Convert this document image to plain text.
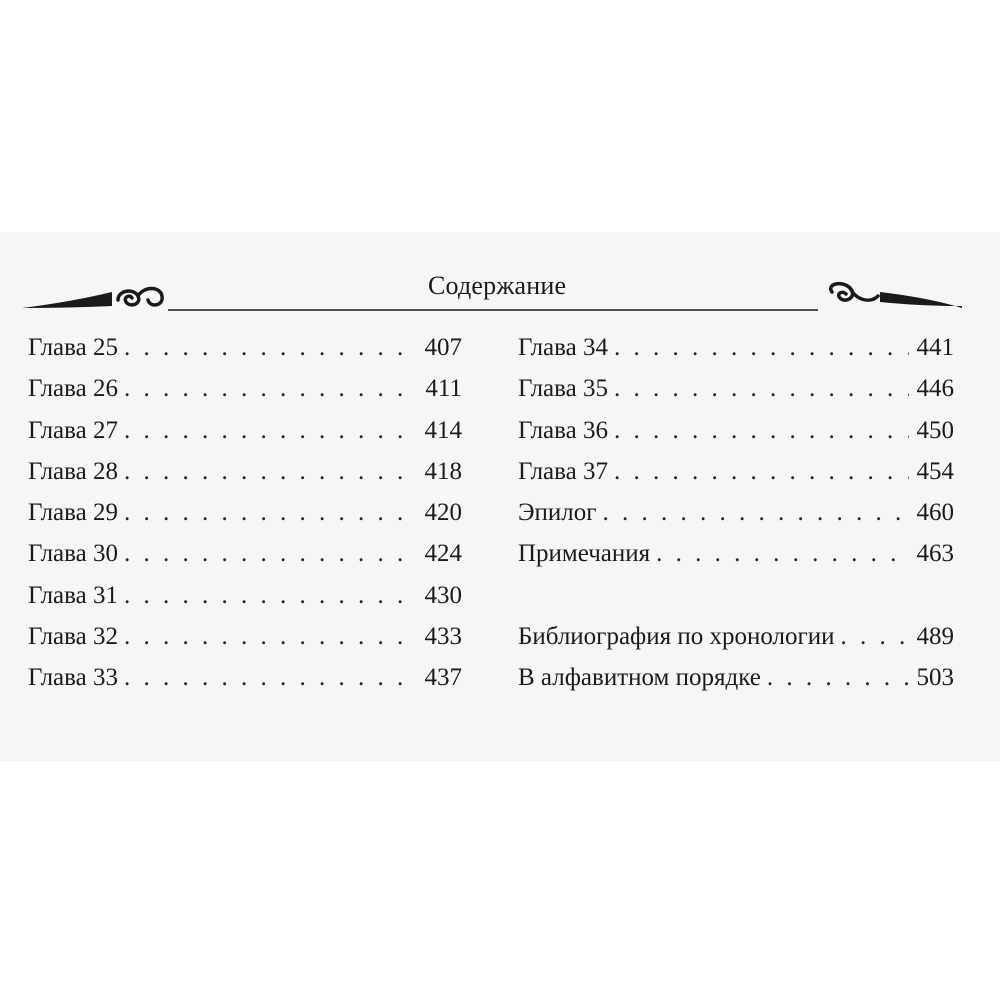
Содержание
Глава 25 . . .	407
Глава 26 . . .	411
Глава 27 . . .	414
Глава 28 . . .	418
Глава 29 . . .	420
Глава 30 . . .	424
Глава 31 . . .	430
Глава 32 . . .	433
Глава 33 . . .	437
Глава 34 . . .	441
Глава 35 . . .	446
Глава 36 . . .	450
Глава 37 . . .	454
Эпилог . . .	460
Примечания . . .	463
Библиография по хронологии . . .	489
В алфавитном порядке . . .	503
